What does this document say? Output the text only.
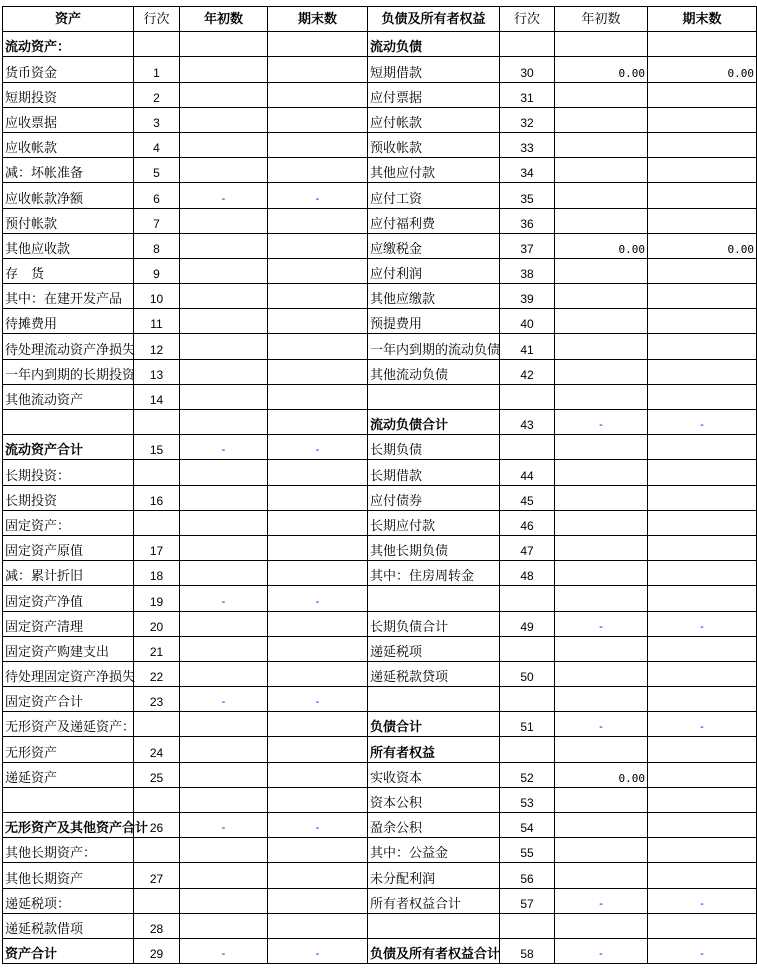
资产	行次	年初数	期末数	负债及所有者权益	行次	年初数	期末数
流动资产：				流动负债			
货币资金	1			短期借款	30	0.00	0.00
短期投资	2			应付票据	31		
应收票据	3			应付帐款	32		
应收帐款	4			预收帐款	33		
减：坏帐准备	5			其他应付款	34		
应收帐款净额	6	-	-	应付工资	35		
预付帐款	7			应付福利费	36		
其他应收款	8			应缴税金	37	0.00	0.00
存　货	9			应付利润	38		
其中：在建开发产品	10			其他应缴款	39		
待摊费用	11			预提费用	40		
待处理流动资产净损失	12			一年内到期的流动负债	41		
一年内到期的长期投资	13			其他流动负债	42		
其他流动资产	14						
				流动负债合计	43	-	-
流动资产合计	15	-	-	长期负债			
长期投资：				长期借款	44		
长期投资	16			应付债券	45		
固定资产：				长期应付款	46		
固定资产原值	17			其他长期负债	47		
减：累计折旧	18			其中：住房周转金	48		
固定资产净值	19	-	-				
固定资产清理	20			长期负债合计	49	-	-
固定资产购建支出	21			递延税项			
待处理固定资产净损失	22			递延税款贷项	50		
固定资产合计	23	-	-				
无形资产及递延资产：				负债合计	51	-	-
无形资产	24			所有者权益			
递延资产	25			实收资本	52	0.00	
				资本公积	53		
无形资产及其他资产合计	26	-	-	盈余公积	54		
其他长期资产：				其中：公益金	55		
其他长期资产	27			未分配利润	56		
递延税项：				所有者权益合计	57	-	-
递延税款借项	28						
资产合计	29	-	-	负债及所有者权益合计	58	-	-
